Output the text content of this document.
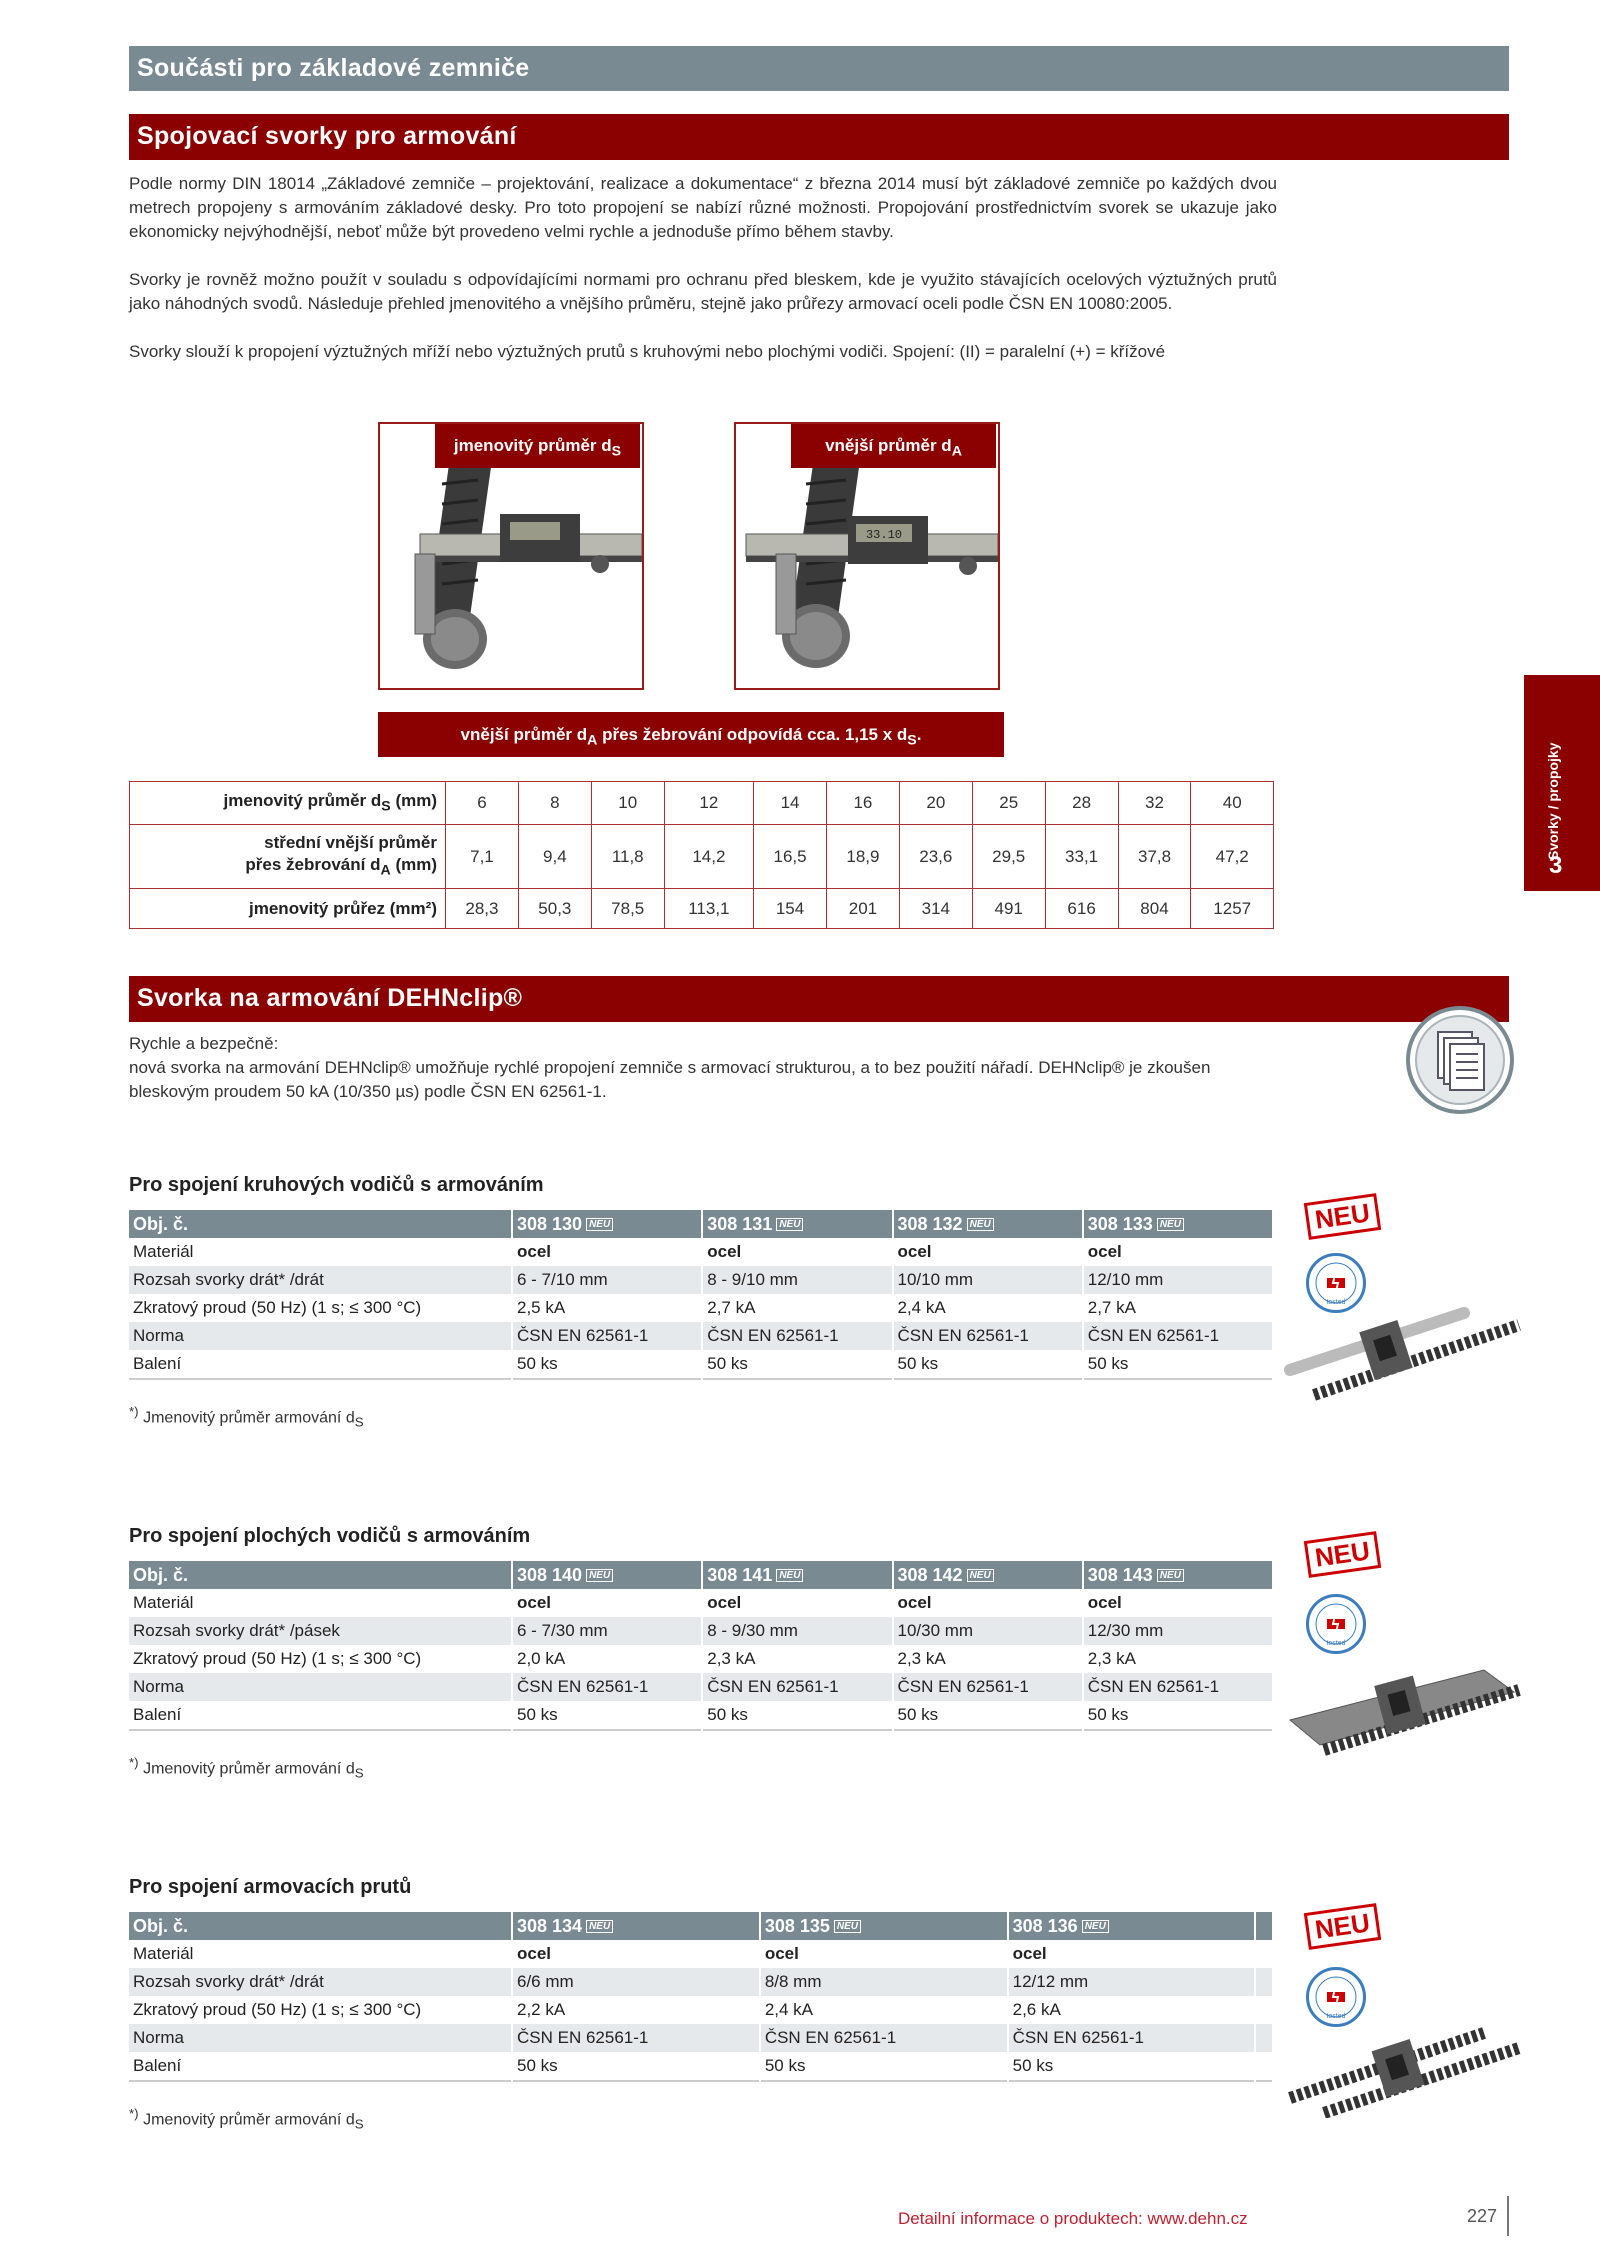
Součásti pro základové zemniče
Spojovací svorky pro armování

Podle normy DIN 18014 „Základové zemniče – projektování, realizace a dokumentace“ z března 2014 musí být základové zemniče po každých dvou metrech propojeny s armováním základové desky. Pro toto propojení se nabízí různé možnosti. Propojování prostřednictvím svorek se ukazuje jako ekonomicky nejvýhodnější, neboť může být provedeno velmi rychle a jednoduše přímo během stavby.

Svorky je rovněž možno použít v souladu s odpovídajícími normami pro ochranu před bleskem, kde je využito stávajících ocelových výztužných prutů jako náhodných svodů. Následuje přehled jmenovitého a vnějšího průměru, stejně jako průřezy armovací oceli podle ČSN EN 10080:2005.

Svorky slouží k propojení výztužných mříží nebo výztužných prutů s kruhovými nebo plochými vodiči. Spojení: (II) = paralelní (+) = křížové

jmenovitý průměr $d_S$
33.10
vnější průměr $d_A$
vnější průměr $d_A$ přes žebrování odpovídá cca. 1,15 x $d_S$.
jmenovitý průměr $d_S$ (mm)	6	8	10	12	14	16	20	25	28	32	40
střední vnější průměr
přes žebrování $d_A$ (mm)	7,1	9,4	11,8	14,2	16,5	18,9	23,6	29,5	33,1	37,8	47,2
jmenovitý průřez (mm²)	28,3	50,3	78,5	113,1	154	201	314	491	616	804	1257
Svorka na armování DEHNclip®
Rychle a bezpečně:
nová svorka na armování DEHNclip® umožňuje rychlé propojení zemniče s armovací strukturou, a to bez použití nářadí. DEHNclip® je zkoušen bleskovým proudem 50 kA (10/350 µs) podle ČSN EN 62561-1.
Pro spojení kruhových vodičů s armováním
Obj. č.	308 130 NEU	308 131 NEU	308 132 NEU	308 133 NEU
Materiál	ocel	ocel	ocel	ocel
Rozsah svorky drát* /drát	6 - 7/10 mm	8 - 9/10 mm	10/10 mm	12/10 mm
Zkratový proud (50 Hz) (1 s; ≤ 300 °C)	2,5 kA	2,7 kA	2,4 kA	2,7 kA
Norma	ČSN EN 62561-1	ČSN EN 62561-1	ČSN EN 62561-1	ČSN EN 62561-1
Balení	50 ks	50 ks	50 ks	50 ks
*) Jmenovitý průměr armování $d_S$
Pro spojení plochých vodičů s armováním
Obj. č.	308 140 NEU	308 141 NEU	308 142 NEU	308 143 NEU
Materiál	ocel	ocel	ocel	ocel
Rozsah svorky drát* /pásek	6 - 7/30 mm	8 - 9/30 mm	10/30 mm	12/30 mm
Zkratový proud (50 Hz) (1 s; ≤ 300 °C)	2,0 kA	2,3 kA	2,3 kA	2,3 kA
Norma	ČSN EN 62561-1	ČSN EN 62561-1	ČSN EN 62561-1	ČSN EN 62561-1
Balení	50 ks	50 ks	50 ks	50 ks
*) Jmenovitý průměr armování $d_S$
Pro spojení armovacích prutů
Obj. č.	308 134 NEU	308 135 NEU	308 136 NEU	
Materiál	ocel	ocel	ocel	
Rozsah svorky drát* /drát	6/6 mm	8/8 mm	12/12 mm	
Zkratový proud (50 Hz) (1 s; ≤ 300 °C)	2,2 kA	2,4 kA	2,6 kA	
Norma	ČSN EN 62561-1	ČSN EN 62561-1	ČSN EN 62561-1	
Balení	50 ks	50 ks	50 ks	
*) Jmenovitý průměr armování $d_S$
NEU
tested
NEU
tested
NEU
tested
Svorky / propojky
3
Detailní informace o produktech: www.dehn.cz	227
